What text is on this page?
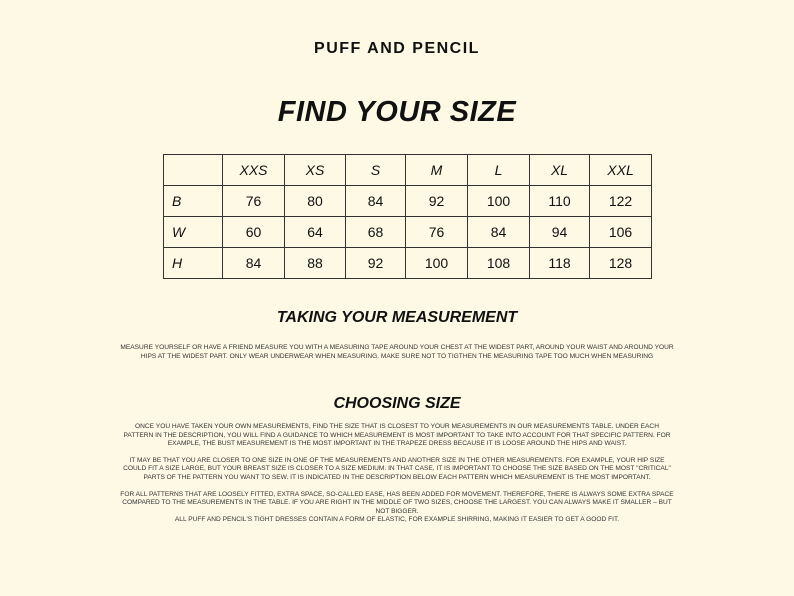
PUFF AND PENCIL
FIND YOUR SIZE
	XXS	XS	S	M	L	XL	XXL
B	76	80	84	92	100	110	122
W	60	64	68	76	84	94	106
H	84	88	92	100	108	118	128
TAKING YOUR MEASUREMENT

MEASURE YOURSELF OR HAVE A FRIEND MEASURE YOU WITH A MEASURING TAPE AROUND YOUR CHEST AT THE WIDEST PART, AROUND YOUR WAIST AND AROUND YOUR HIPS AT THE WIDEST PART. ONLY WEAR UNDERWEAR WHEN MEASURING. MAKE SURE NOT TO TIGTHEN THE MEASURING TAPE TOO MUCH WHEN MEASURING

CHOOSING SIZE

ONCE YOU HAVE TAKEN YOUR OWN MEASUREMENTS, FIND THE SIZE THAT IS CLOSEST TO YOUR MEASUREMENTS IN OUR MEASUREMENTS TABLE. UNDER EACH PATTERN IN THE DESCRIPTION, YOU WILL FIND A GUIDANCE TO WHICH MEASUREMENT IS MOST IMPORTANT TO TAKE INTO ACCOUNT FOR THAT SPECIFIC PATTERN. FOR EXAMPLE, THE BUST MEASUREMENT IS THE MOST IMPORTANT IN THE TRAPEZE DRESS BECAUSE IT IS LOOSE AROUND THE HIPS AND WAIST.

IT MAY BE THAT YOU ARE CLOSER TO ONE SIZE IN ONE OF THE MEASUREMENTS AND ANOTHER SIZE IN THE OTHER MEASUREMENTS. FOR EXAMPLE, YOUR HIP SIZE COULD FIT A SIZE LARGE, BUT YOUR BREAST SIZE IS CLOSER TO A SIZE MEDIUM. IN THAT CASE, IT IS IMPORTANT TO CHOOSE THE SIZE BASED ON THE MOST "CRITICAL" PARTS OF THE PATTERN YOU WANT TO SEW. IT IS INDICATED IN THE DESCRIPTION BELOW EACH PATTERN WHICH MEASUREMENT IS THE MOST IMPORTANT.

FOR ALL PATTERNS THAT ARE LOOSELY FITTED, EXTRA SPACE, SO-CALLED EASE, HAS BEEN ADDED FOR MOVEMENT. THEREFORE, THERE IS ALWAYS SOME EXTRA SPACE COMPARED TO THE MEASUREMENTS IN THE TABLE. IF YOU ARE RIGHT IN THE MIDDLE OF TWO SIZES, CHOOSE THE LARGEST. YOU CAN ALWAYS MAKE IT SMALLER – BUT NOT BIGGER.

ALL PUFF AND PENCIL'S TIGHT DRESSES CONTAIN A FORM OF ELASTIC, FOR EXAMPLE SHIRRING, MAKING IT EASIER TO GET A GOOD FIT.
